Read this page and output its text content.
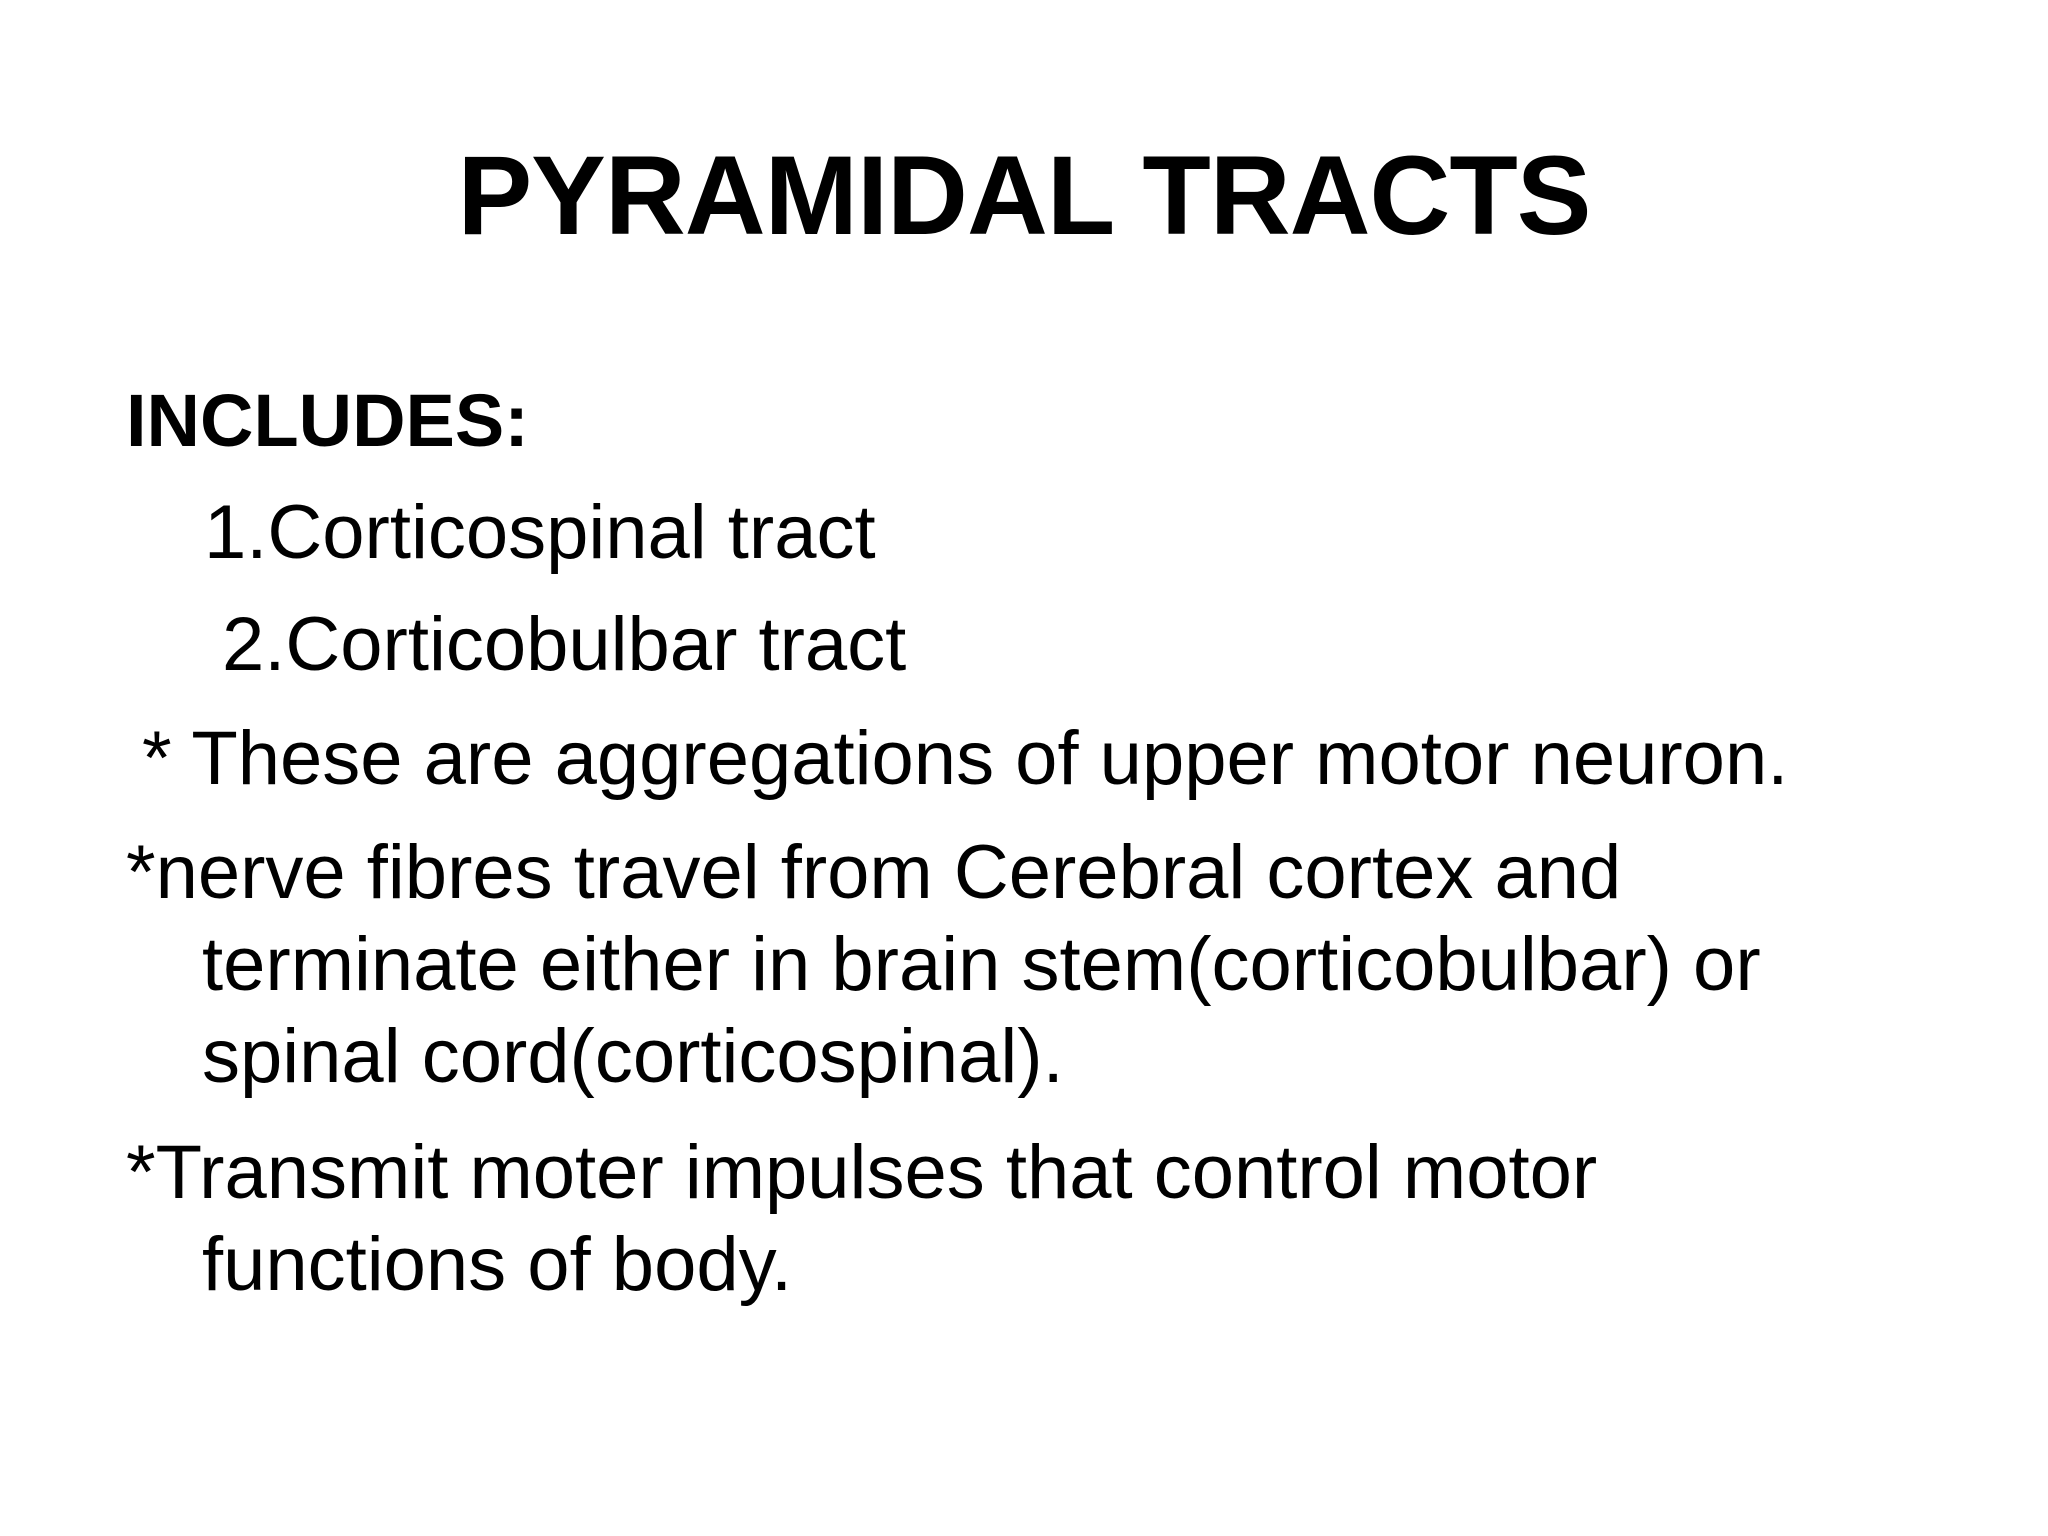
PYRAMIDAL TRACTS
INCLUDES:
1.Corticospinal tract
2.Corticobulbar tract
* These are aggregations of upper motor neuron.
*nerve fibres travel from Cerebral cortex and
terminate either in brain stem(corticobulbar) or
spinal cord(corticospinal).
*Transmit moter impulses that control motor
functions of body.
